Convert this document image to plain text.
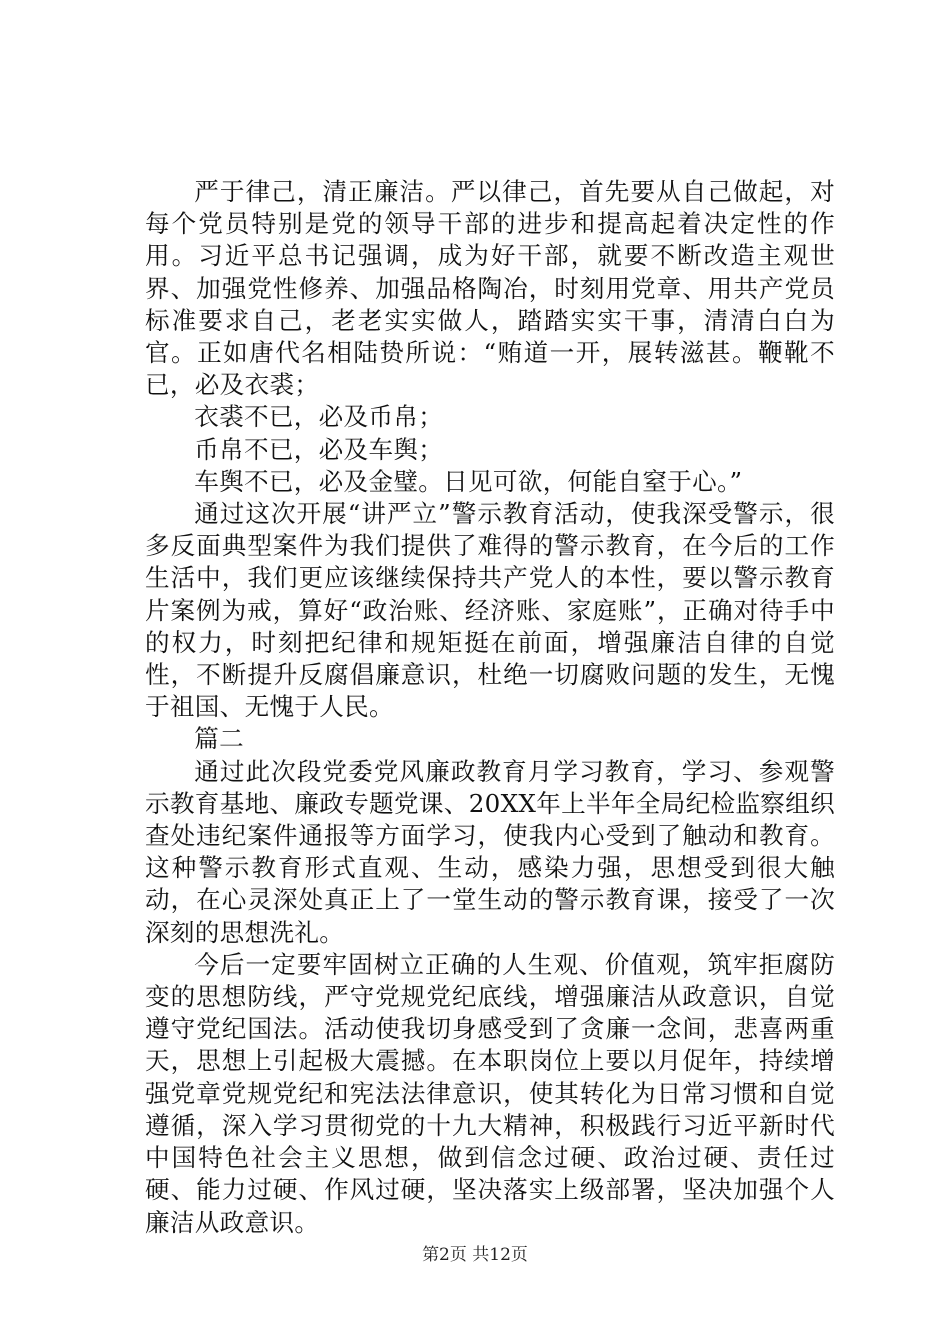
严于律己，清正廉洁。严以律己，首先要从自己做起，对每个党员特别是党的领导干部的进步和提高起着决定性的作用。习近平总书记强调，成为好干部，就要不断改造主观世界、加强党性修养、加强品格陶冶，时刻用党章、用共产党员标准要求自己，老老实实做人，踏踏实实干事，清清白白为官。正如唐代名相陆贽所说：“贿道一开，展转滋甚。鞭靴不已，必及衣裘；

衣裘不已，必及币帛；

币帛不已，必及车舆；

车舆不已，必及金璧。日见可欲，何能自窒于心。”

通过这次开展“讲严立”警示教育活动，使我深受警示，很多反面典型案件为我们提供了难得的警示教育，在今后的工作生活中，我们更应该继续保持共产党人的本性，要以警示教育片案例为戒，算好“政治账、经济账、家庭账”，正确对待手中的权力，时刻把纪律和规矩挺在前面，增强廉洁自律的自觉性，不断提升反腐倡廉意识，杜绝一切腐败问题的发生，无愧于祖国、无愧于人民。

篇二

通过此次段党委党风廉政教育月学习教育，学习、参观警示教育基地、廉政专题党课、20XX年上半年全局纪检监察组织查处违纪案件通报等方面学习，使我内心受到了触动和教育。这种警示教育形式直观、生动，感染力强，思想受到很大触动，在心灵深处真正上了一堂生动的警示教育课，接受了一次深刻的思想洗礼。

今后一定要牢固树立正确的人生观、价值观，筑牢拒腐防变的思想防线，严守党规党纪底线，增强廉洁从政意识，自觉遵守党纪国法。活动使我切身感受到了贪廉一念间，悲喜两重天，思想上引起极大震撼。在本职岗位上要以月促年，持续增强党章党规党纪和宪法法律意识，使其转化为日常习惯和自觉遵循，深入学习贯彻党的十九大精神，积极践行习近平新时代中国特色社会主义思想，做到信念过硬、政治过硬、责任过硬、能力过硬、作风过硬，坚决落实上级部署，坚决加强个人廉洁从政意识。

第2页 共12页
